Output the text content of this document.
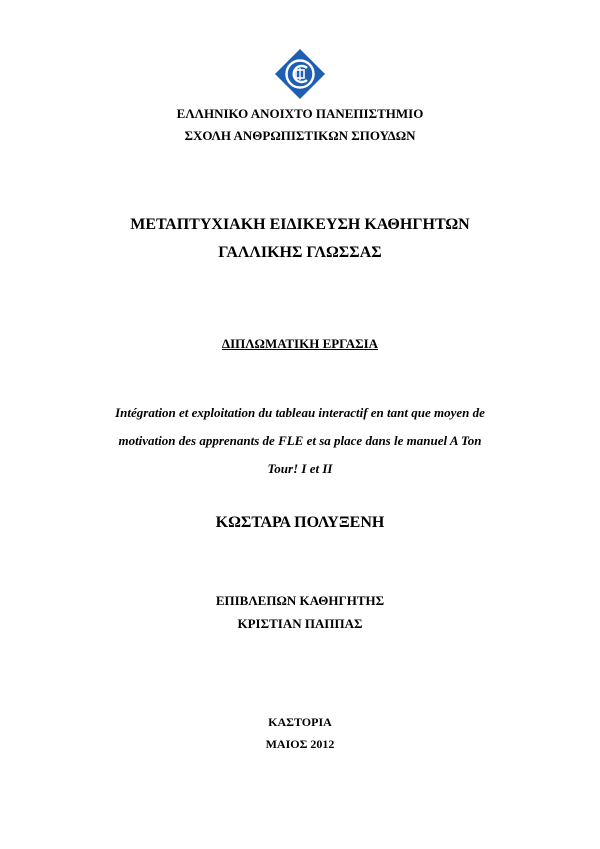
ΕΛΛΗΝΙΚΟ ΑΝΟΙΧΤΟ ΠΑΝΕΠΙΣΤΗΜΙΟ
ΣΧΟΛΗ ΑΝΘΡΩΠΙΣΤΙΚΩΝ ΣΠΟΥΔΩΝ
ΜΕΤΑΠΤΥΧΙΑΚΗ ΕΙΔΙΚΕΥΣΗ ΚΑΘΗΓΗΤΩΝ
ΓΑΛΛΙΚΗΣ ΓΛΩΣΣΑΣ
ΔΙΠΛΩΜΑΤΙΚΗ ΕΡΓΑΣΙΑ
Intégration et exploitation du tableau interactif en tant que moyen de
motivation des apprenants de FLE et sa place dans le manuel A Ton
Tour! I et II
ΚΩΣΤΑΡΑ ΠΟΛΥΞΕΝΗ
ΕΠΙΒΛΕΠΩΝ ΚΑΘΗΓΗΤΗΣ
ΚΡΙΣΤΙΑΝ ΠΑΠΠΑΣ
ΚΑΣΤΟΡΙΑ
ΜΑΙΟΣ 2012
